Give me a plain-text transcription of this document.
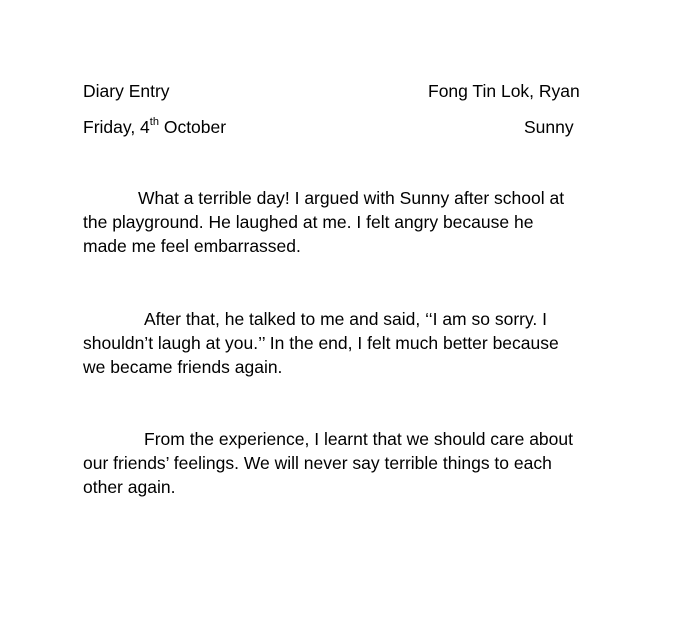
Diary Entry	Fong Tin Lok, Ryan
Friday, 4th October	Sunny
What a terrible day! I argued with Sunny after school at
the playground. He laughed at me. I felt angry because he
made me feel embarrassed.
After that, he talked to me and said, ‘‘I am so sorry. I
shouldn’t laugh at you.’’ In the end, I felt much better because
we became friends again.
From the experience, I learnt that we should care about
our friends’ feelings. We will never say terrible things to each
other again.
